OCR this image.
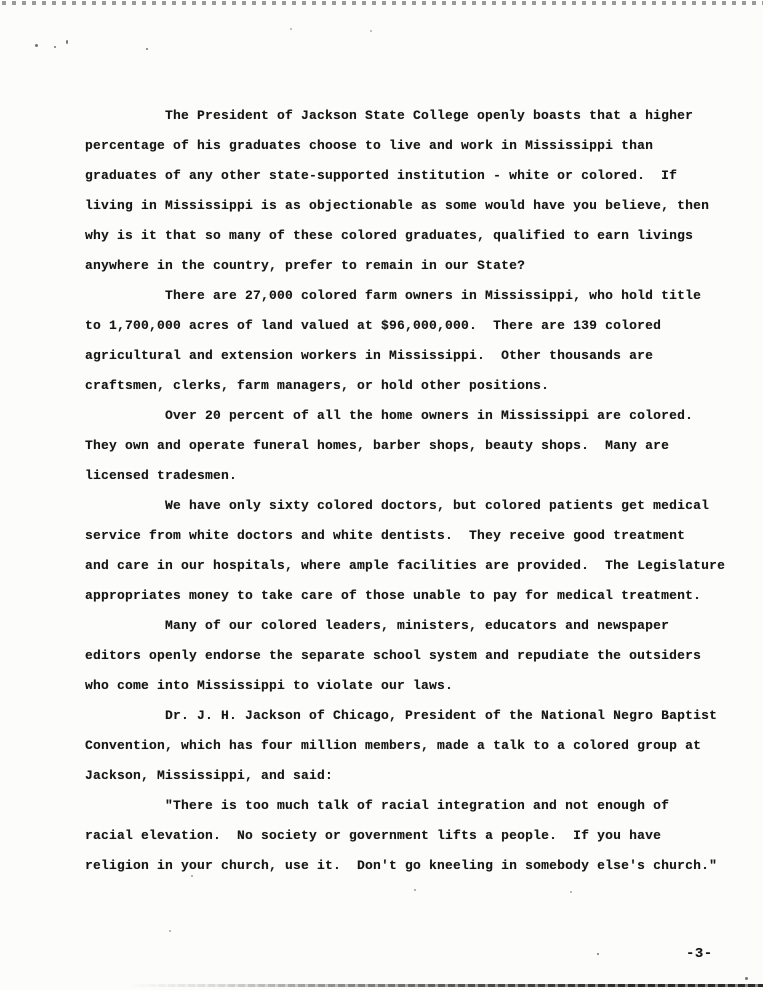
The President of Jackson State College openly boasts that a higher
percentage of his graduates choose to live and work in Mississippi than
graduates of any other state-supported institution - white or colored.  If
living in Mississippi is as objectionable as some would have you believe, then
why is it that so many of these colored graduates, qualified to earn livings
anywhere in the country, prefer to remain in our State?
There are 27,000 colored farm owners in Mississippi, who hold title
to 1,700,000 acres of land valued at $96,000,000.  There are 139 colored
agricultural and extension workers in Mississippi.  Other thousands are
craftsmen, clerks, farm managers, or hold other positions.
Over 20 percent of all the home owners in Mississippi are colored.
They own and operate funeral homes, barber shops, beauty shops.  Many are
licensed tradesmen.
We have only sixty colored doctors, but colored patients get medical
service from white doctors and white dentists.  They receive good treatment
and care in our hospitals, where ample facilities are provided.  The Legislature
appropriates money to take care of those unable to pay for medical treatment.
Many of our colored leaders, ministers, educators and newspaper
editors openly endorse the separate school system and repudiate the outsiders
who come into Mississippi to violate our laws.
Dr. J. H. Jackson of Chicago, President of the National Negro Baptist
Convention, which has four million members, made a talk to a colored group at
Jackson, Mississippi, and said:
"There is too much talk of racial integration and not enough of
racial elevation.  No society or government lifts a people.  If you have
religion in your church, use it.  Don't go kneeling in somebody else's church."
-3-
